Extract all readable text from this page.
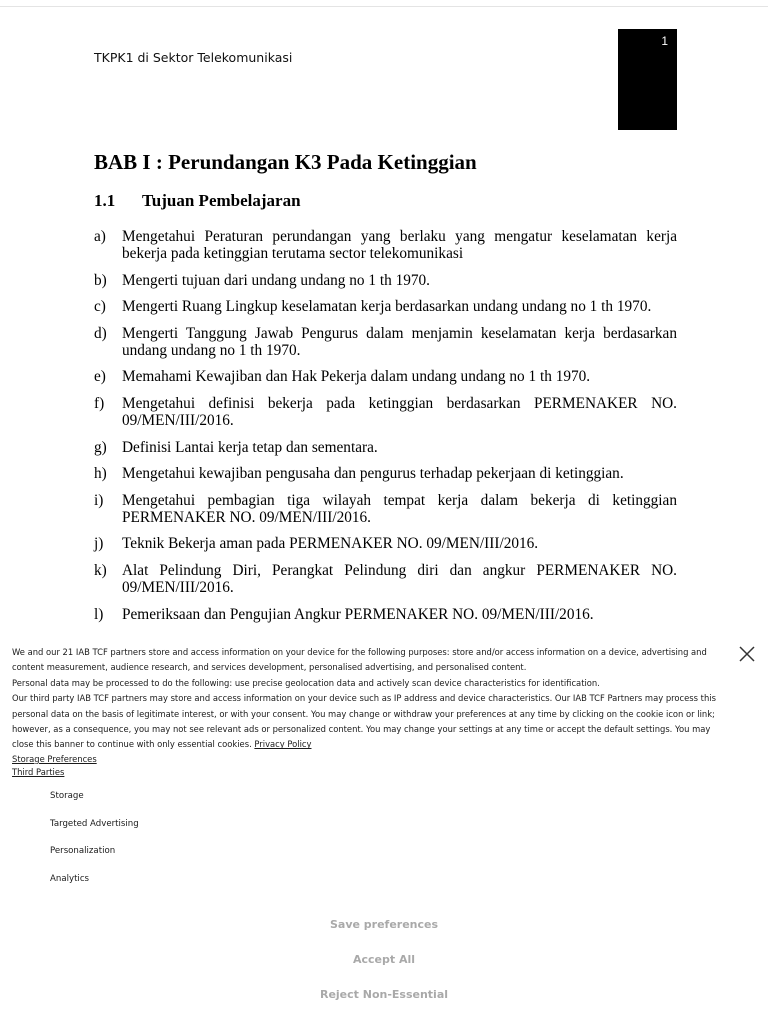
TKPK1 di Sektor Telekomunikasi
1
BAB I : Perundangan K3 Pada Ketinggian
1.1 Tujuan Pembelajaran
a)	Mengetahui Peraturan perundangan yang berlaku yang mengatur keselamatan kerja bekerja pada ketinggian terutama sector telekomunikasi
b) Mengerti tujuan dari undang undang no 1 th 1970.
c)	Mengerti Ruang Lingkup keselamatan kerja berdasarkan undang undang no 1 th 1970.
d) Mengerti Tanggung Jawab Pengurus dalam menjamin keselamatan kerja berdasarkan undang undang no 1 th 1970.
e)	Memahami Kewajiban dan Hak Pekerja dalam undang undang no 1 th 1970.
f)	Mengetahui definisi bekerja pada ketinggian berdasarkan PERMENAKER NO. 09/MEN/III/2016.
g) Definisi Lantai kerja tetap dan sementara.
h) Mengetahui kewajiban pengusaha dan pengurus terhadap pekerjaan di ketinggian.
i)	Mengetahui pembagian tiga wilayah tempat kerja dalam bekerja di ketinggian PERMENAKER NO. 09/MEN/III/2016.
j)	Teknik Bekerja aman pada PERMENAKER NO. 09/MEN/III/2016.
k) Alat Pelindung Diri, Perangkat Pelindung diri dan angkur PERMENAKER NO. 09/MEN/III/2016.
l)	Pemeriksaan dan Pengujian Angkur PERMENAKER NO. 09/MEN/III/2016.

We and our 21 IAB TCF partners store and access information on your device for the following purposes: store and/or access information on a device, advertising and content measurement, audience research, and services development, personalised advertising, and personalised content.

Personal data may be processed to do the following: use precise geolocation data and actively scan device characteristics for identification.

Our third party IAB TCF partners may store and access information on your device such as IP address and device characteristics. Our IAB TCF Partners may process this personal data on the basis of legitimate interest, or with your consent. You may change or withdraw your preferences at any time by clicking on the cookie icon or link; however, as a consequence, you may not see relevant ads or personalized content. You may change your settings at any time or accept the default settings. You may close this banner to continue with only essential cookies. Privacy Policy

Storage Preferences
Third Parties
Storage
Targeted Advertising
Personalization
Analytics
Save preferences
Accept All
Reject Non-Essential
